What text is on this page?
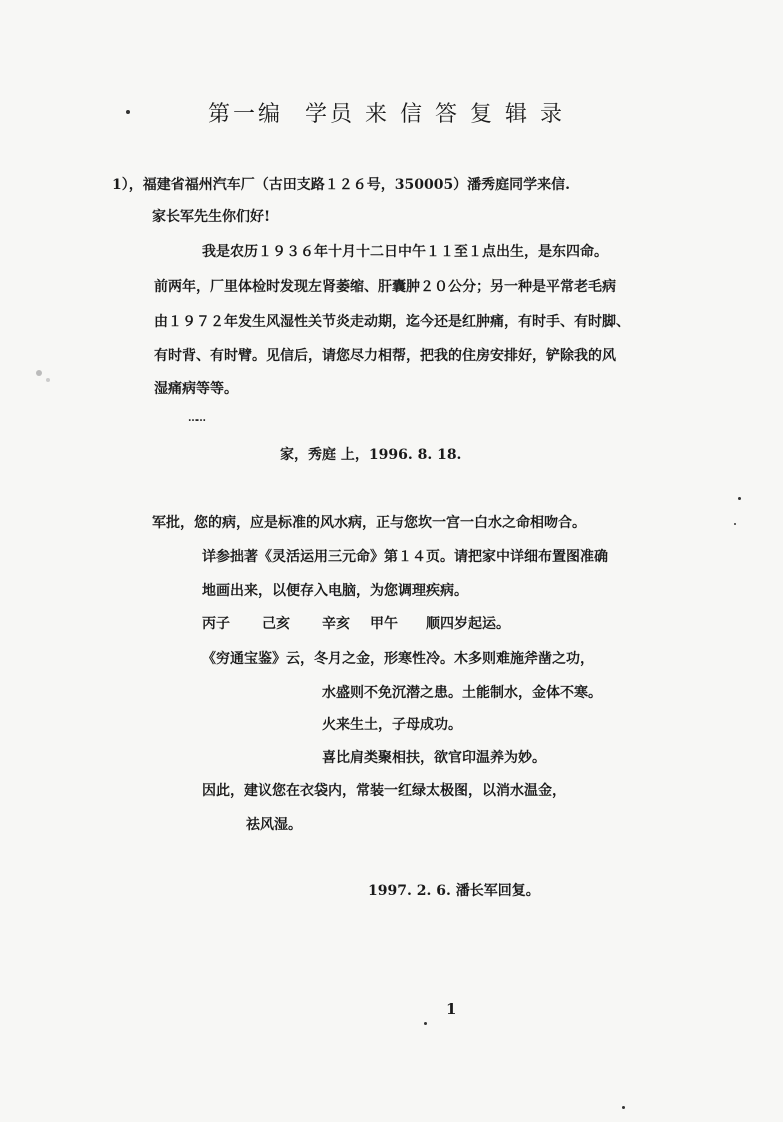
第一编 学员 来 信 答 复 辑 录
1），福建省福州汽车厂（古田支路１２６号，350005）潘秀庭同学来信.
家长军先生你们好!
我是农历１９３６年十月十二日中午１１至１点出生，是东四命。
前两年，厂里体检时发现左肾萎缩、肝囊肿２０公分；另一种是平常老毛病
由１９７２年发生风湿性关节炎走动期，迄今还是红肿痛，有时手、有时脚、
有时背、有时臂。见信后，请您尽力相帮，把我的住房安排好，铲除我的风
湿痛病等等。
……
家，秀庭 上，1996. 8. 18.
军批，您的病，应是标准的风水病，正与您坎一宫一白水之命相吻合。
详参拙著《灵活运用三元命》第１４页。请把家中详细布置图准确
地画出来，以便存入电脑，为您调理疾病。
丙子 己亥 辛亥 甲午 顺四岁起运。
《穷通宝鉴》云，冬月之金，形寒性冷。木多则难施斧凿之功，
水盛则不免沉潜之患。土能制水，金体不寒。
火来生土，子母成功。
喜比肩类聚相扶，欲官印温养为妙。
因此，建议您在衣袋内，常装一红绿太极图，以消水温金，
祛风湿。
1997. 2. 6. 潘长军回复。
1
